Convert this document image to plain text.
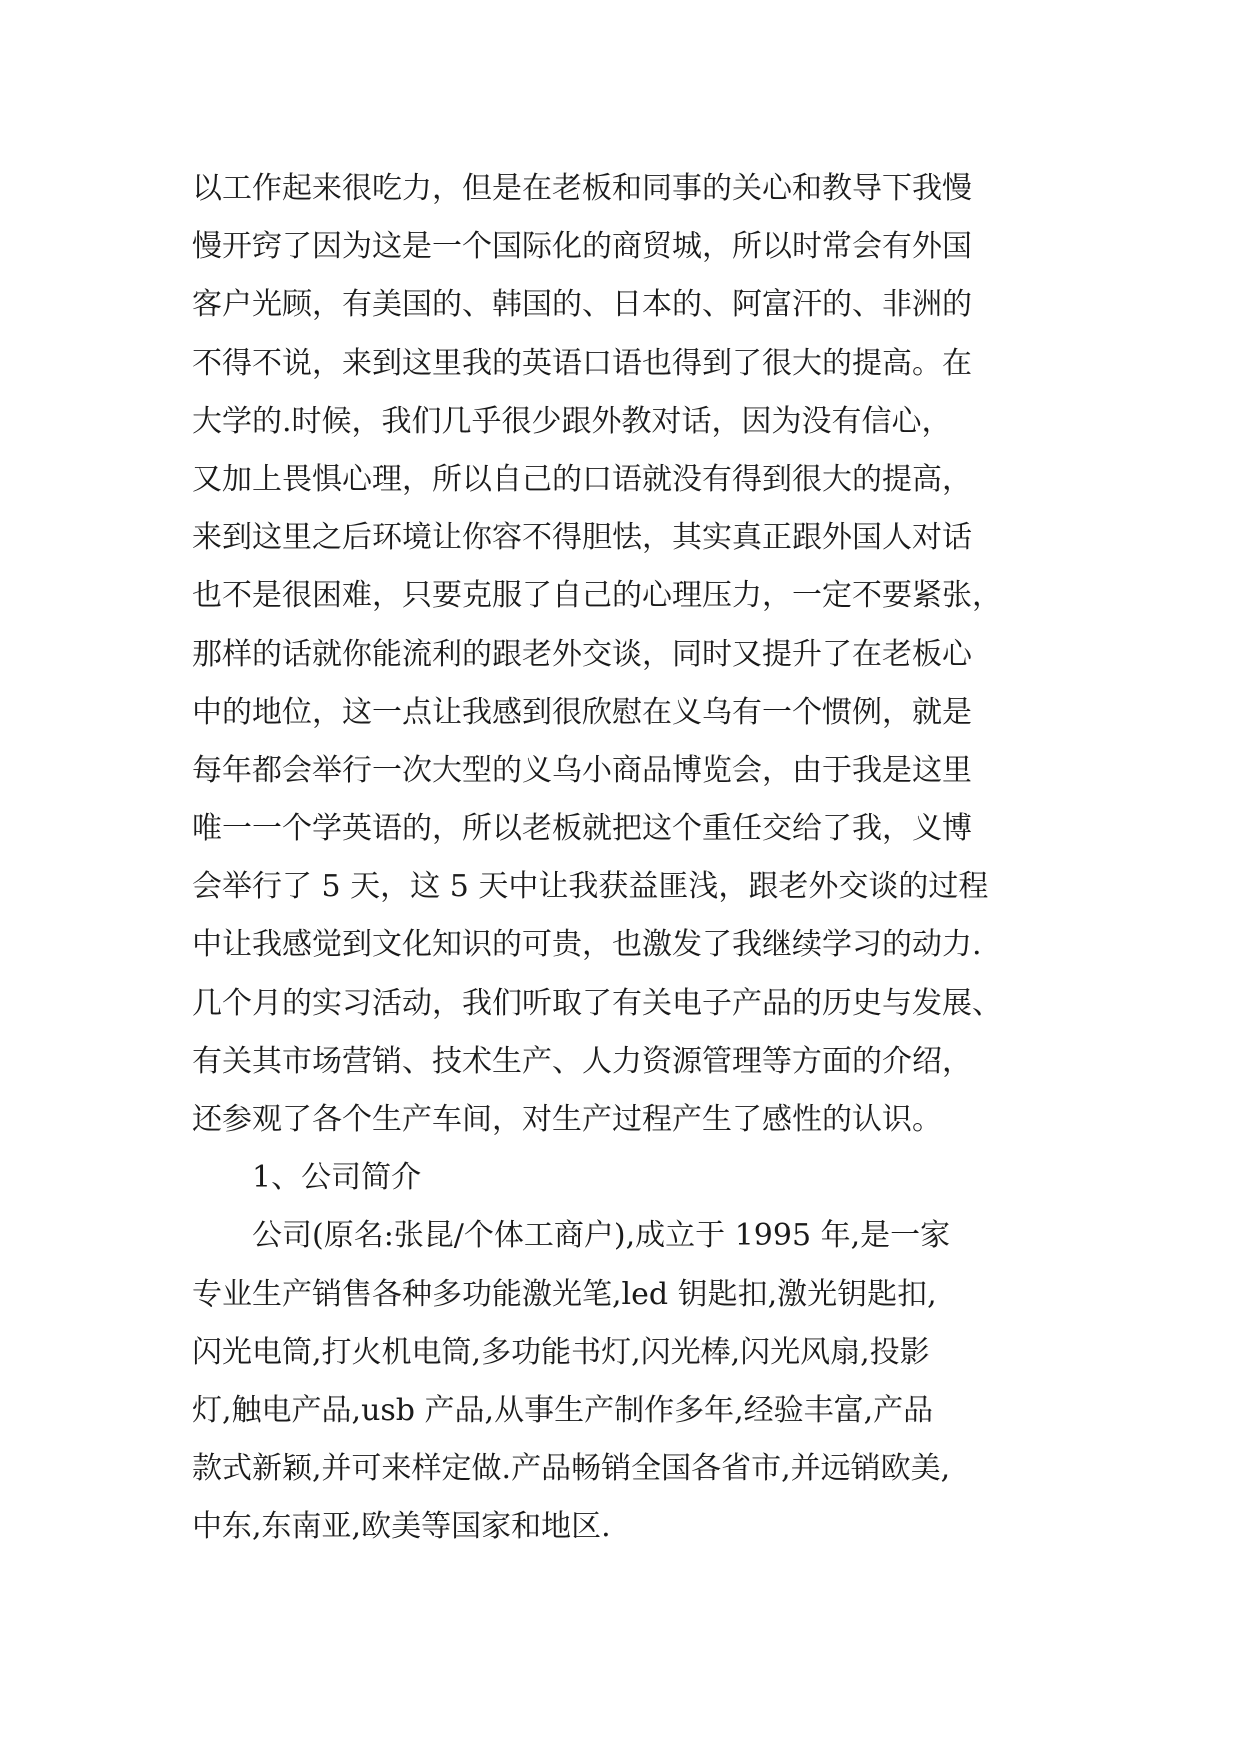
以工作起来很吃力，但是在老板和同事的关心和教导下我慢
慢开窍了因为这是一个国际化的商贸城，所以时常会有外国
客户光顾，有美国的、韩国的、日本的、阿富汗的、非洲的
不得不说，来到这里我的英语口语也得到了很大的提高。在
大学的.时候，我们几乎很少跟外教对话，因为没有信心，
又加上畏惧心理，所以自己的口语就没有得到很大的提高，
来到这里之后环境让你容不得胆怯，其实真正跟外国人对话
也不是很困难，只要克服了自己的心理压力，一定不要紧张，
那样的话就你能流利的跟老外交谈，同时又提升了在老板心
中的地位，这一点让我感到很欣慰在义乌有一个惯例，就是
每年都会举行一次大型的义乌小商品博览会，由于我是这里
唯一一个学英语的，所以老板就把这个重任交给了我，义博
会举行了 5 天，这 5 天中让我获益匪浅，跟老外交谈的过程
中让我感觉到文化知识的可贵，也激发了我继续学习的动力.
几个月的实习活动，我们听取了有关电子产品的历史与发展、
有关其市场营销、技术生产、人力资源管理等方面的介绍，
还参观了各个生产车间，对生产过程产生了感性的认识。
1、公司简介
公司(原名:张昆/个体工商户),成立于 1995 年,是一家
专业生产销售各种多功能激光笔,led 钥匙扣,激光钥匙扣,
闪光电筒,打火机电筒,多功能书灯,闪光棒,闪光风扇,投影
灯,触电产品,usb 产品,从事生产制作多年,经验丰富,产品
款式新颖,并可来样定做.产品畅销全国各省市,并远销欧美,
中东,东南亚,欧美等国家和地区.
